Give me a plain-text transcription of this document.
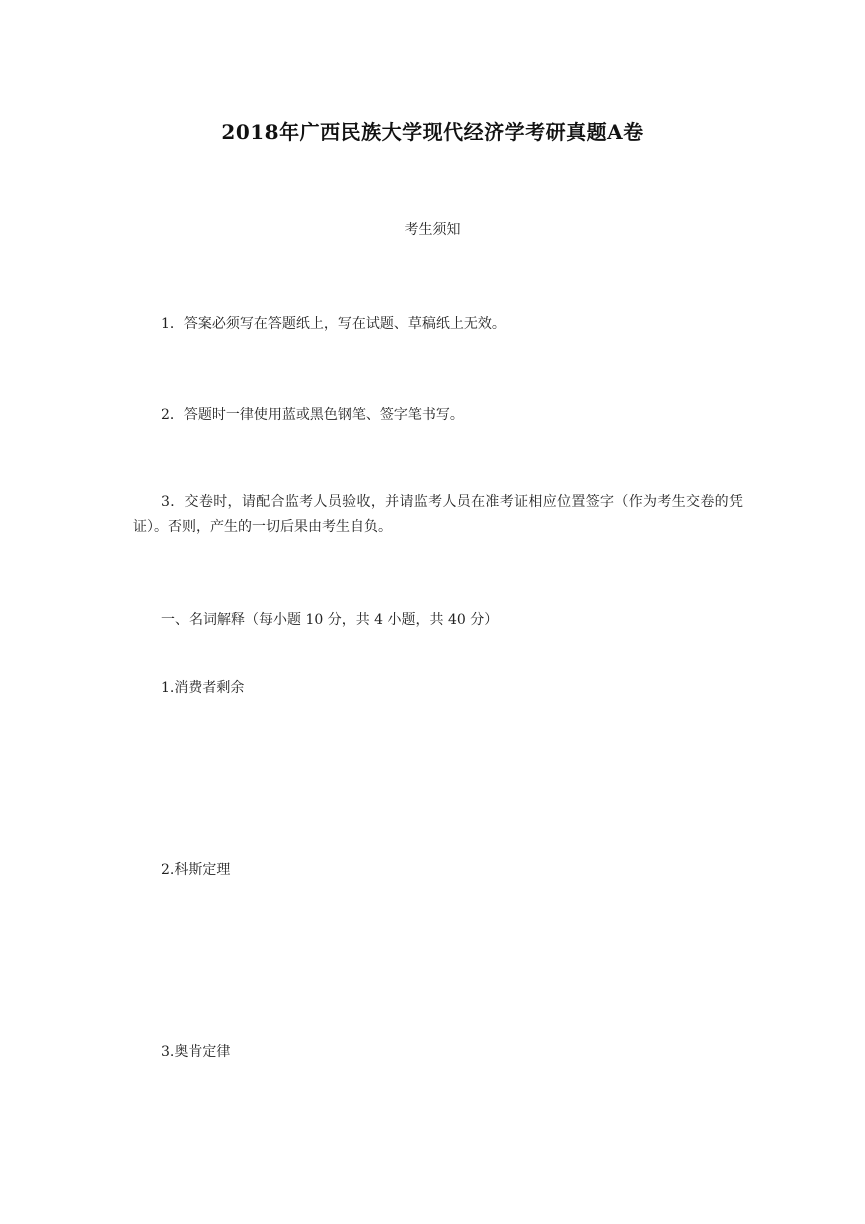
2018年广西民族大学现代经济学考研真题A卷
考生须知
1．答案必须写在答题纸上，写在试题、草稿纸上无效。
2．答题时一律使用蓝或黑色钢笔、签字笔书写。
3．交卷时，请配合监考人员验收，并请监考人员在准考证相应位置签字（作为考生交卷的凭证）。否则，产生的一切后果由考生自负。
一、名词解释（每小题 10 分，共 4 小题，共 40 分）
1.消费者剩余
2.科斯定理
3.奥肯定律
